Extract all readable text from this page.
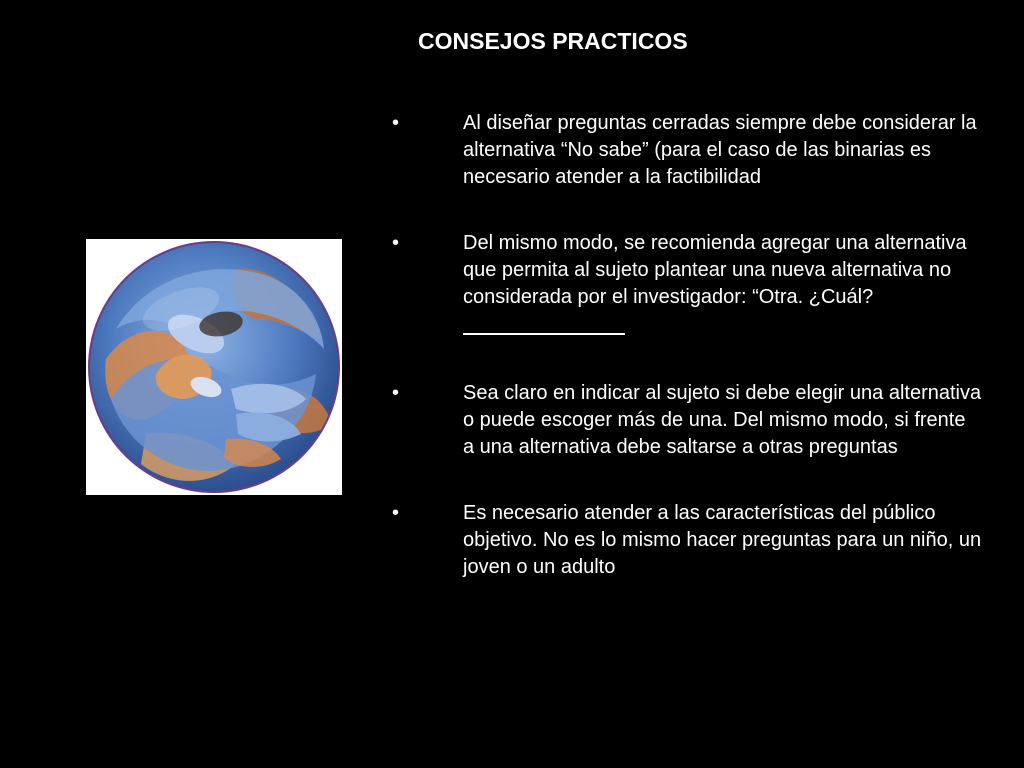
CONSEJOS PRACTICOS
•	Al diseñar preguntas cerradas siempre debe considerar la alternativa “No sabe” (para el caso de las binarias es necesario atender a la factibilidad
•	Del mismo modo, se recomienda agregar una alternativa que permita al sujeto plantear una nueva alternativa no considerada por el investigador: “Otra. ¿Cuál?
•	Sea claro en indicar al sujeto si debe elegir una alternativa o puede escoger más de una. Del mismo modo, si frente a una alternativa debe saltarse a otras preguntas
•	Es necesario atender a las características del público objetivo. No es lo mismo hacer preguntas para un niño, un joven o un adulto
